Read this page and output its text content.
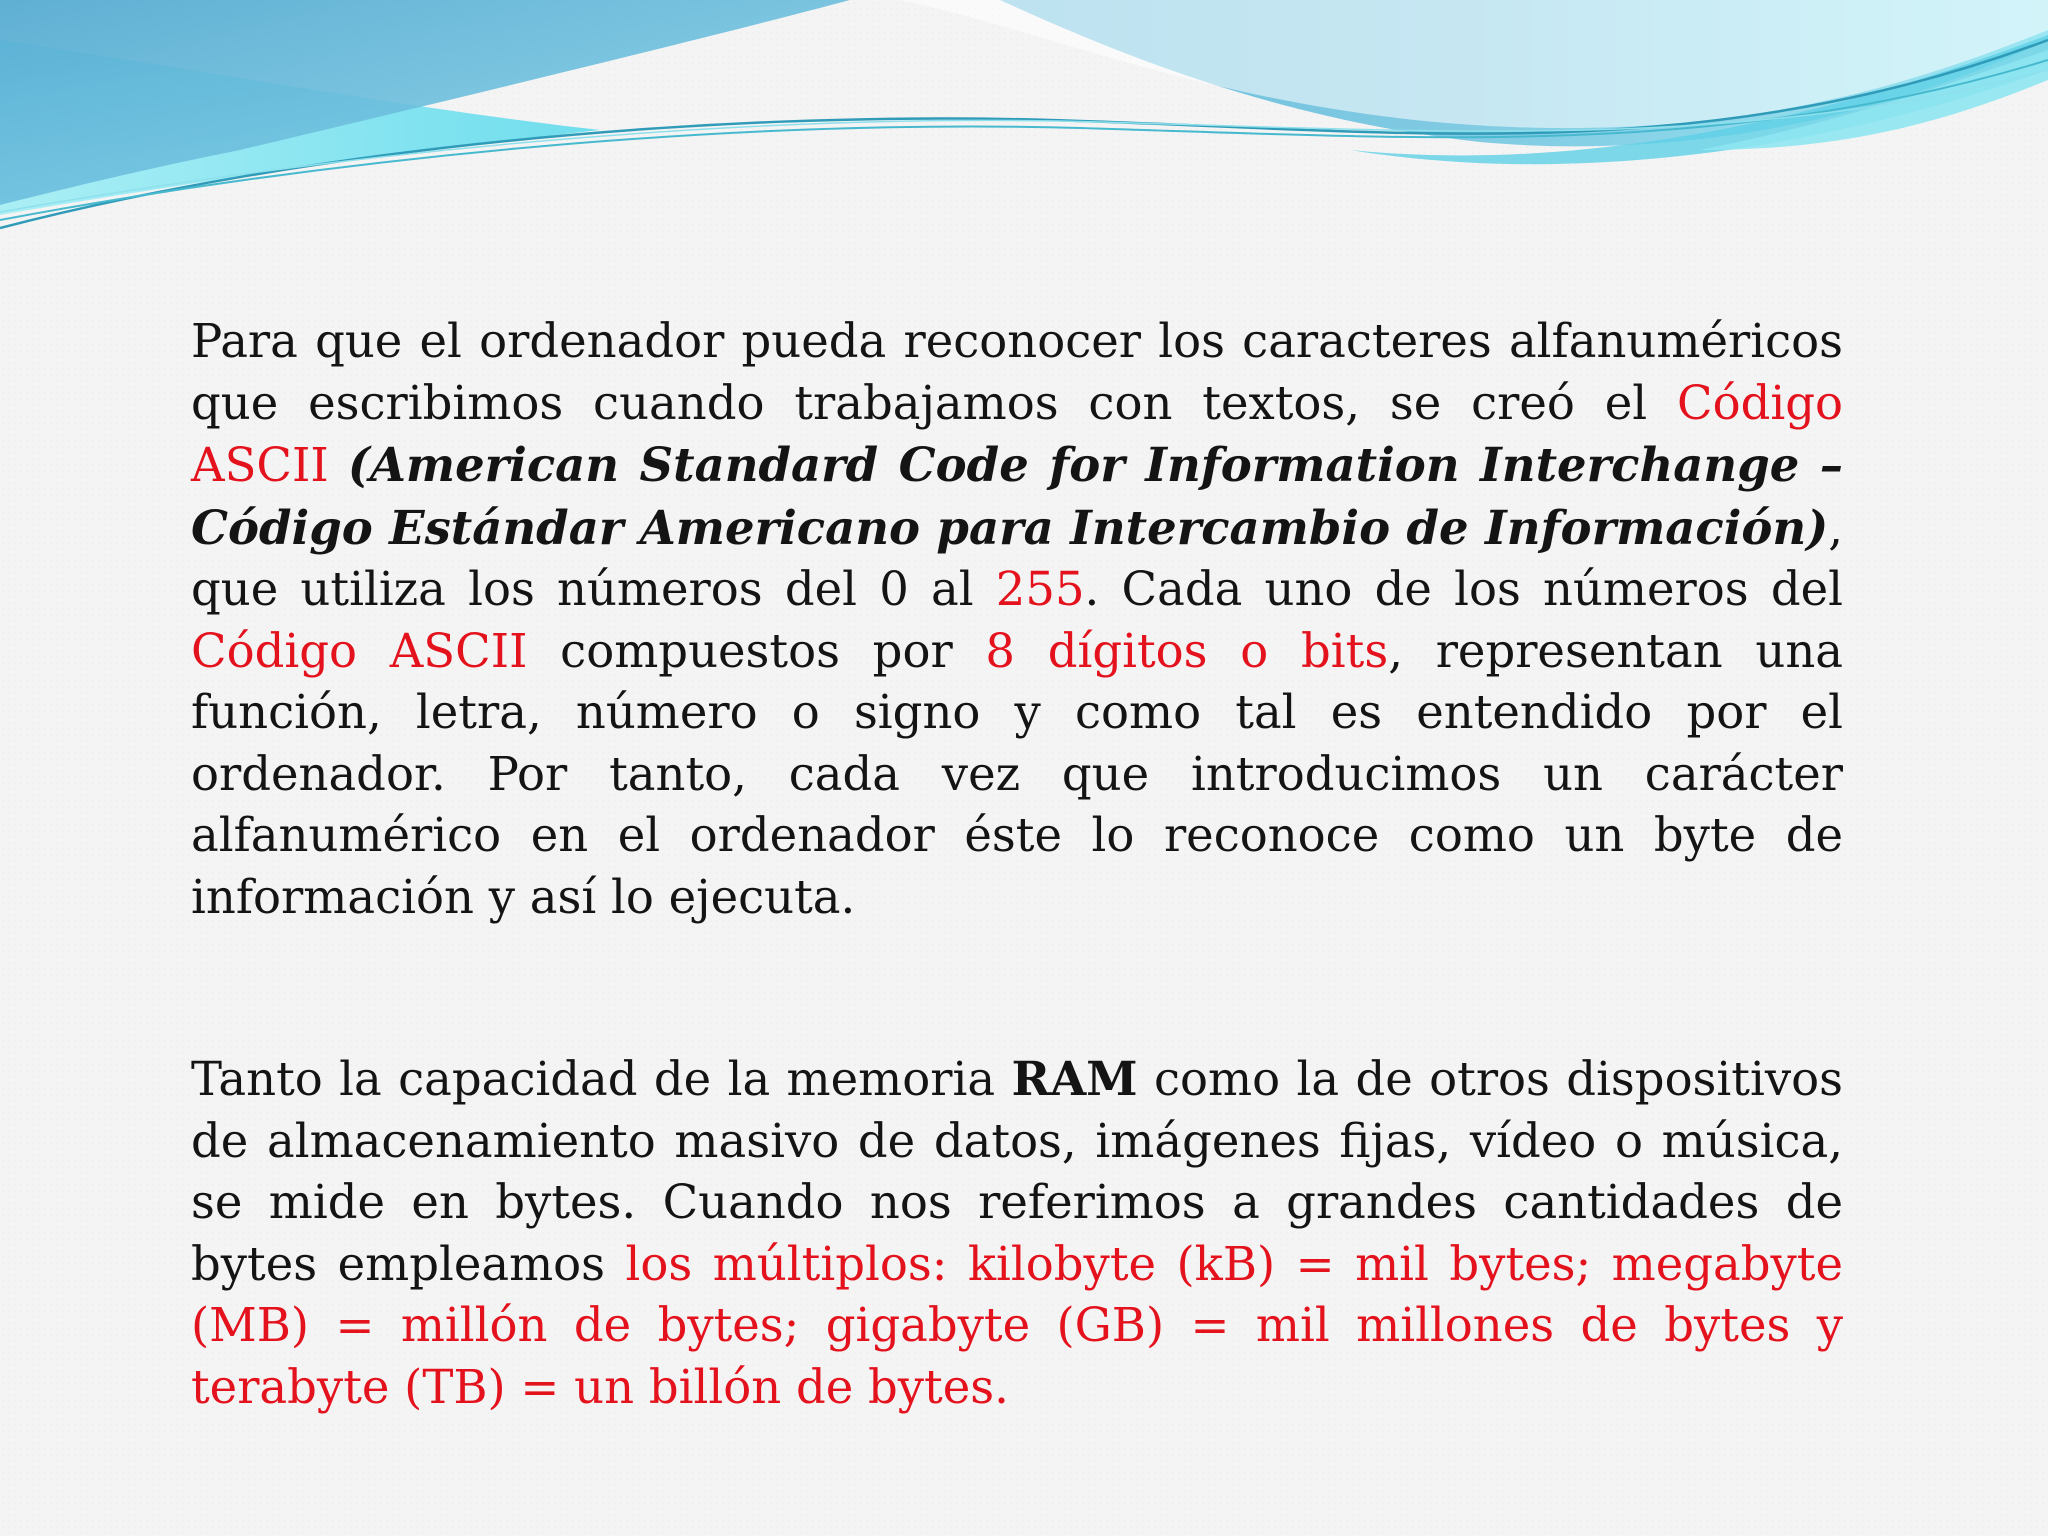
Para que el ordenador pueda reconocer los caracteres alfanuméricos que escribimos cuando trabajamos con textos, se creó el Código ASCII (American Standard Code for Information Interchange – Código Estándar Americano para Intercambio de Información), que utiliza los números del 0 al 255. Cada uno de los números del Código ASCII compuestos por 8 dígitos o bits, representan una función, letra, número o signo y como tal es entendido por el ordenador. Por tanto, cada vez que introducimos un carácter alfanumérico en el ordenador éste lo reconoce como un byte de información y así lo ejecuta.

Tanto la capacidad de la memoria RAM como la de otros dispositivos de almacenamiento masivo de datos, imágenes fijas, vídeo o música, se mide en bytes. Cuando nos referimos a grandes cantidades de bytes empleamos los múltiplos: kilobyte (kB) = mil bytes; megabyte (MB) = millón de bytes; gigabyte (GB) = mil millones de bytes y terabyte (TB) = un billón de bytes.
